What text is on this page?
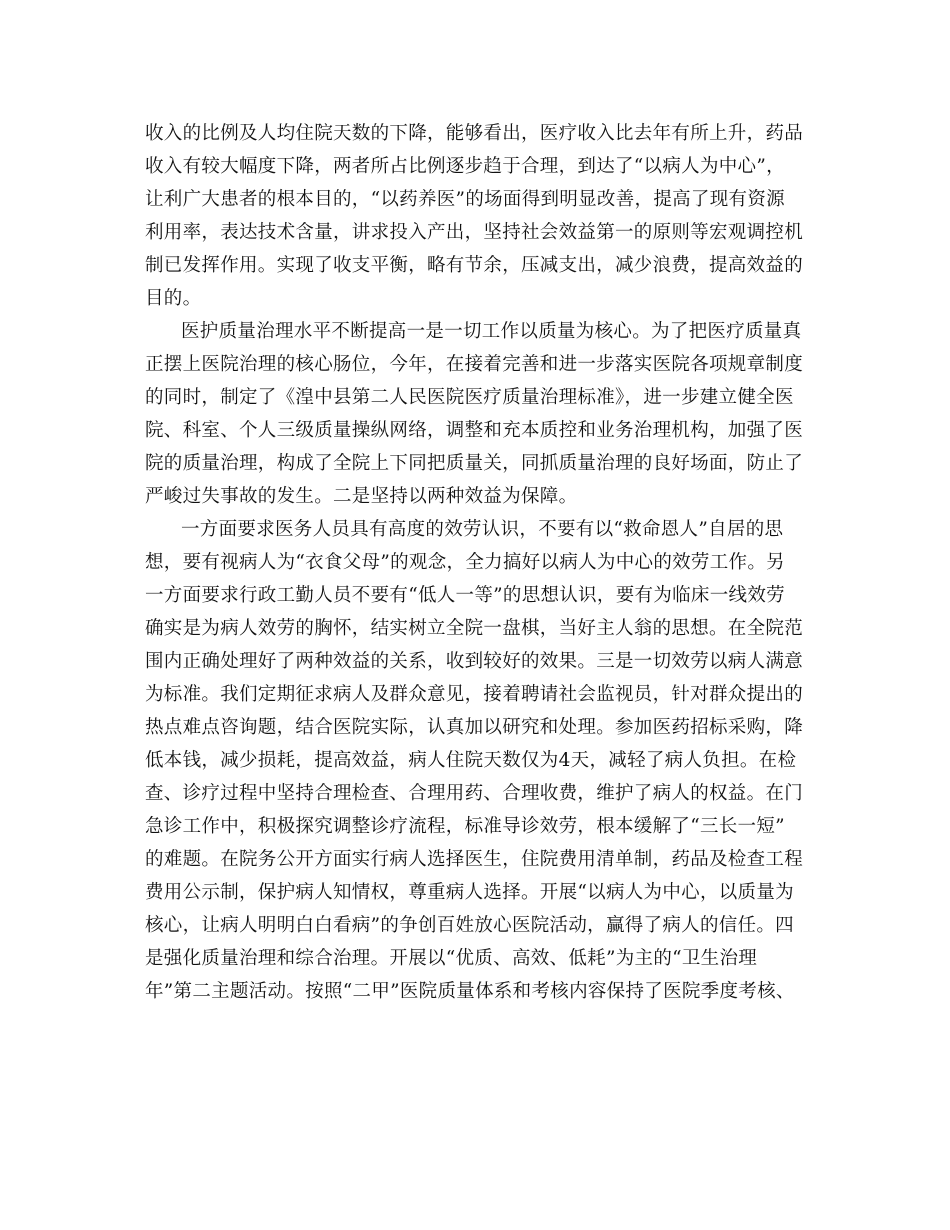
收入的比例及人均住院天数的下降，能够看出，医疗收入比去年有所上升，药品
收入有较大幅度下降，两者所占比例逐步趋于合理，到达了“以病人为中心”，
让利广大患者的根本目的，“以药养医”的场面得到明显改善，提高了现有资源
利用率，表达技术含量，讲求投入产出，坚持社会效益第一的原则等宏观调控机
制已发挥作用。实现了收支平衡，略有节余，压减支出，减少浪费，提高效益的
目的。
医护质量治理水平不断提高一是一切工作以质量为核心。为了把医疗质量真
正摆上医院治理的核心肠位，今年，在接着完善和进一步落实医院各项规章制度
的同时，制定了《湟中县第二人民医院医疗质量治理标准》，进一步建立健全医
院、科室、个人三级质量操纵网络，调整和充本质控和业务治理机构，加强了医
院的质量治理，构成了全院上下同把质量关，同抓质量治理的良好场面，防止了
严峻过失事故的发生。二是坚持以两种效益为保障。
一方面要求医务人员具有高度的效劳认识，不要有以“救命恩人”自居的思
想，要有视病人为“衣食父母”的观念，全力搞好以病人为中心的效劳工作。另
一方面要求行政工勤人员不要有“低人一等”的思想认识，要有为临床一线效劳
确实是为病人效劳的胸怀，结实树立全院一盘棋，当好主人翁的思想。在全院范
围内正确处理好了两种效益的关系，收到较好的效果。三是一切效劳以病人满意
为标准。我们定期征求病人及群众意见，接着聘请社会监视员，针对群众提出的
热点难点咨询题，结合医院实际，认真加以研究和处理。参加医药招标采购，降
低本钱，减少损耗，提高效益，病人住院天数仅为4天，减轻了病人负担。在检
查、诊疗过程中坚持合理检查、合理用药、合理收费，维护了病人的权益。在门
急诊工作中，积极探究调整诊疗流程，标准导诊效劳，根本缓解了“三长一短”
的难题。在院务公开方面实行病人选择医生，住院费用清单制，药品及检查工程
费用公示制，保护病人知情权，尊重病人选择。开展“以病人为中心，以质量为
核心，让病人明明白白看病”的争创百姓放心医院活动，赢得了病人的信任。四
是强化质量治理和综合治理。开展以“优质、高效、低耗”为主的“卫生治理
年”第二主题活动。按照“二甲”医院质量体系和考核内容保持了医院季度考核、
